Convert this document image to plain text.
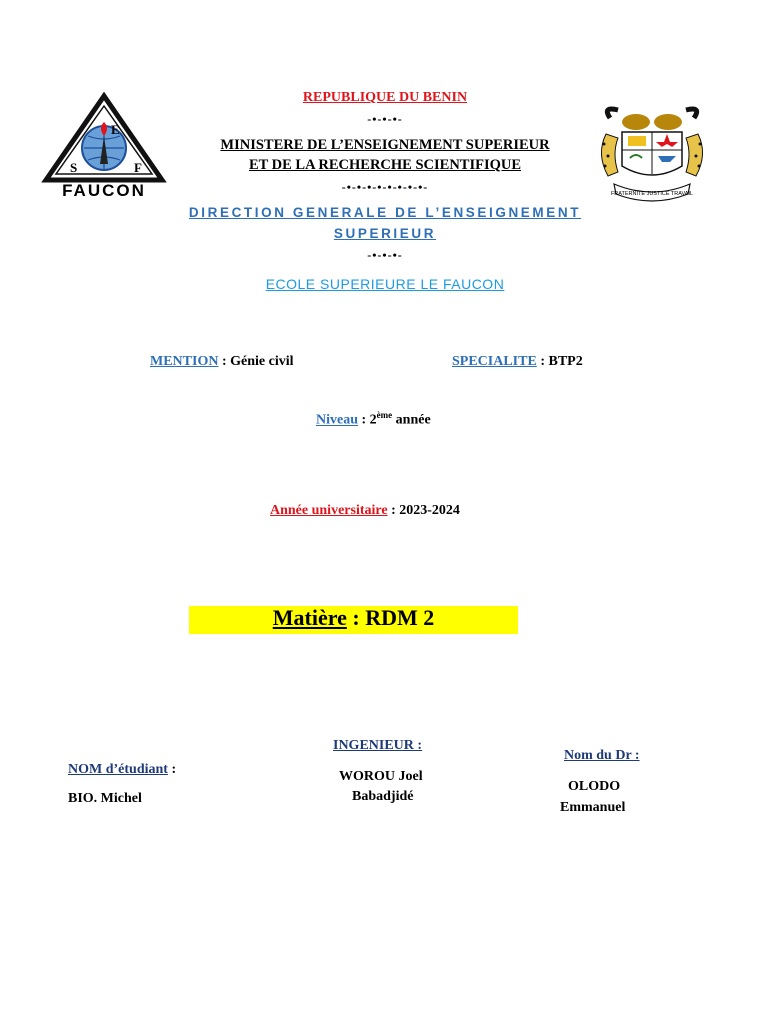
E
S	F
FAUCON	FRATERNITE JUSTICE TRAVAIL
REPUBLIQUE DU BENIN
-•-•-•-
MINISTERE DE L’ENSEIGNEMENT SUPERIEUR
ET DE LA RECHERCHE SCIENTIFIQUE
-•-•-•-•-•-•-•-•-
DIRECTION GENERALE DE L’ENSEIGNEMENT
SUPERIEUR
-•-•-•-
ECOLE SUPERIEURE LE FAUCON
MENTION : Génie civil	SPECIALITE : BTP2
Niveau : 2ème année
Année universitaire : 2023-2024
Matière : RDM 2
INGENIEUR :
WOROU Joel
Babadjidé
NOM d’étudiant :
BIO. Michel
Nom du Dr :
OLODO
Emmanuel
